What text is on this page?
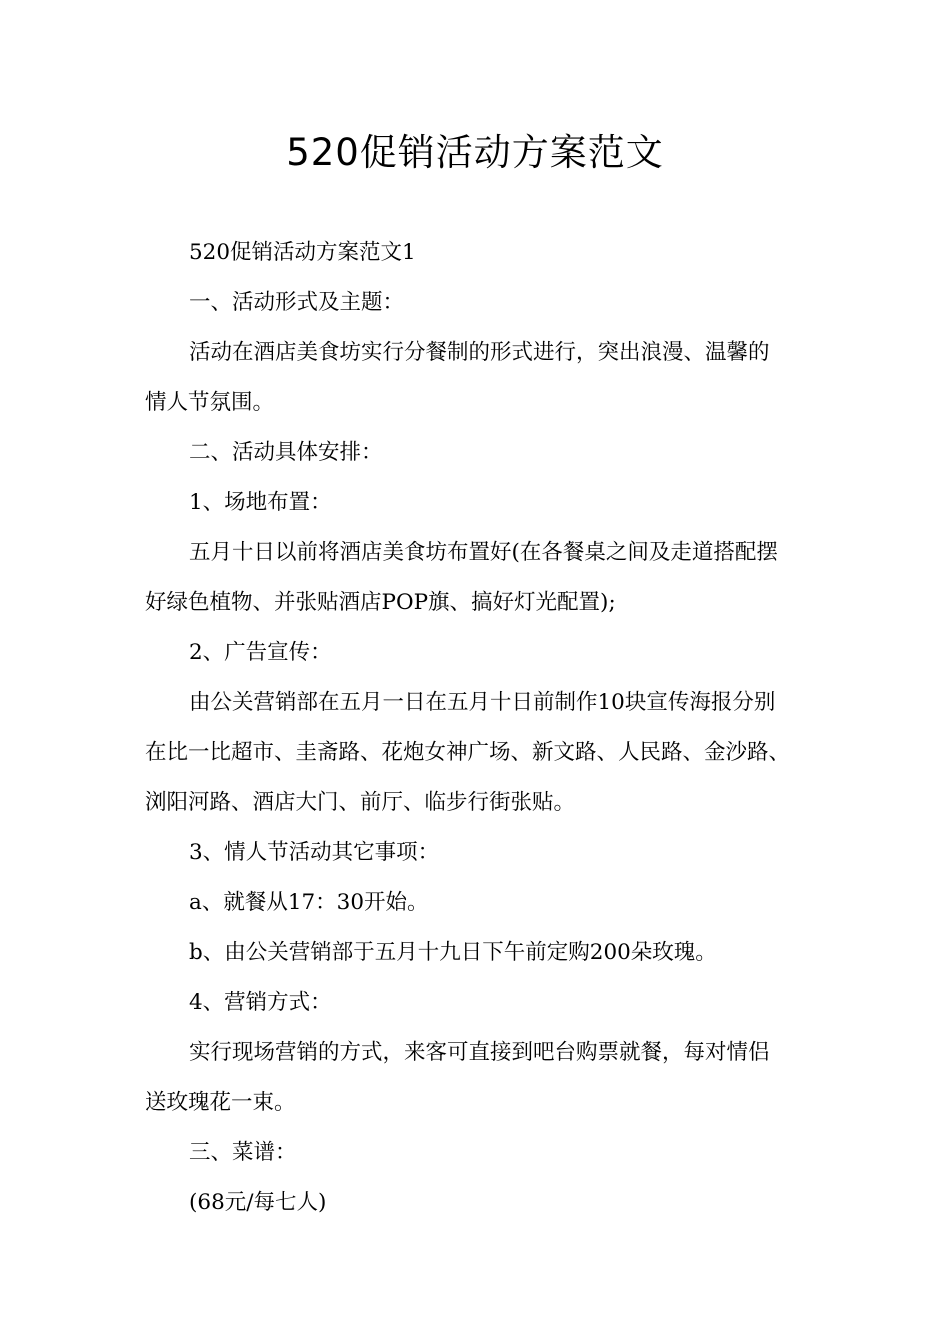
520促销活动方案范文

520促销活动方案范文1

一、活动形式及主题：

活动在酒店美食坊实行分餐制的形式进行，突出浪漫、温馨的

情人节氛围。

二、活动具体安排：

1、场地布置：

五月十日以前将酒店美食坊布置好(在各餐桌之间及走道搭配摆

好绿色植物、并张贴酒店POP旗、搞好灯光配置);

2、广告宣传：

由公关营销部在五月一日在五月十日前制作10块宣传海报分别

在比一比超市、圭斋路、花炮女神广场、新文路、人民路、金沙路、

浏阳河路、酒店大门、前厅、临步行街张贴。

3、情人节活动其它事项：

a、就餐从17：30开始。

b、由公关营销部于五月十九日下午前定购200朵玫瑰。

4、营销方式：

实行现场营销的方式，来客可直接到吧台购票就餐，每对情侣

送玫瑰花一束。

三、菜谱：

(68元/每七人)
